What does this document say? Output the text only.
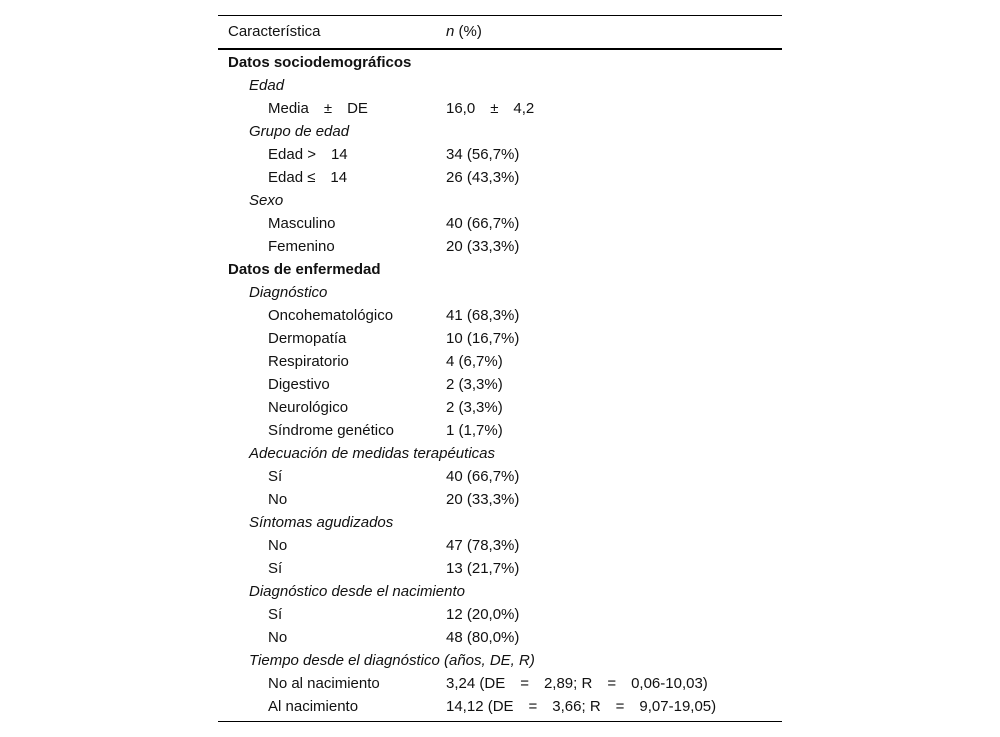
Característica	n (%)
Datos sociodemográficos
Edad
Media ± DE	16,0 ± 4,2
Grupo de edad
Edad > 14	34 (56,7%)
Edad ≤ 14	26 (43,3%)
Sexo
Masculino	40 (66,7%)
Femenino	20 (33,3%)
Datos de enfermedad
Diagnóstico
Oncohematológico	41 (68,3%)
Dermopatía	10 (16,7%)
Respiratorio	4 (6,7%)
Digestivo	2 (3,3%)
Neurológico	2 (3,3%)
Síndrome genético	1 (1,7%)
Adecuación de medidas terapéuticas
Sí	40 (66,7%)
No	20 (33,3%)
Síntomas agudizados
No	47 (78,3%)
Sí	13 (21,7%)
Diagnóstico desde el nacimiento
Sí	12 (20,0%)
No	48 (80,0%)
Tiempo desde el diagnóstico (años, DE, R)
No al nacimiento	3,24 (DE = 2,89; R = 0,06-10,03)
Al nacimiento	14,12 (DE = 3,66; R = 9,07-19,05)
